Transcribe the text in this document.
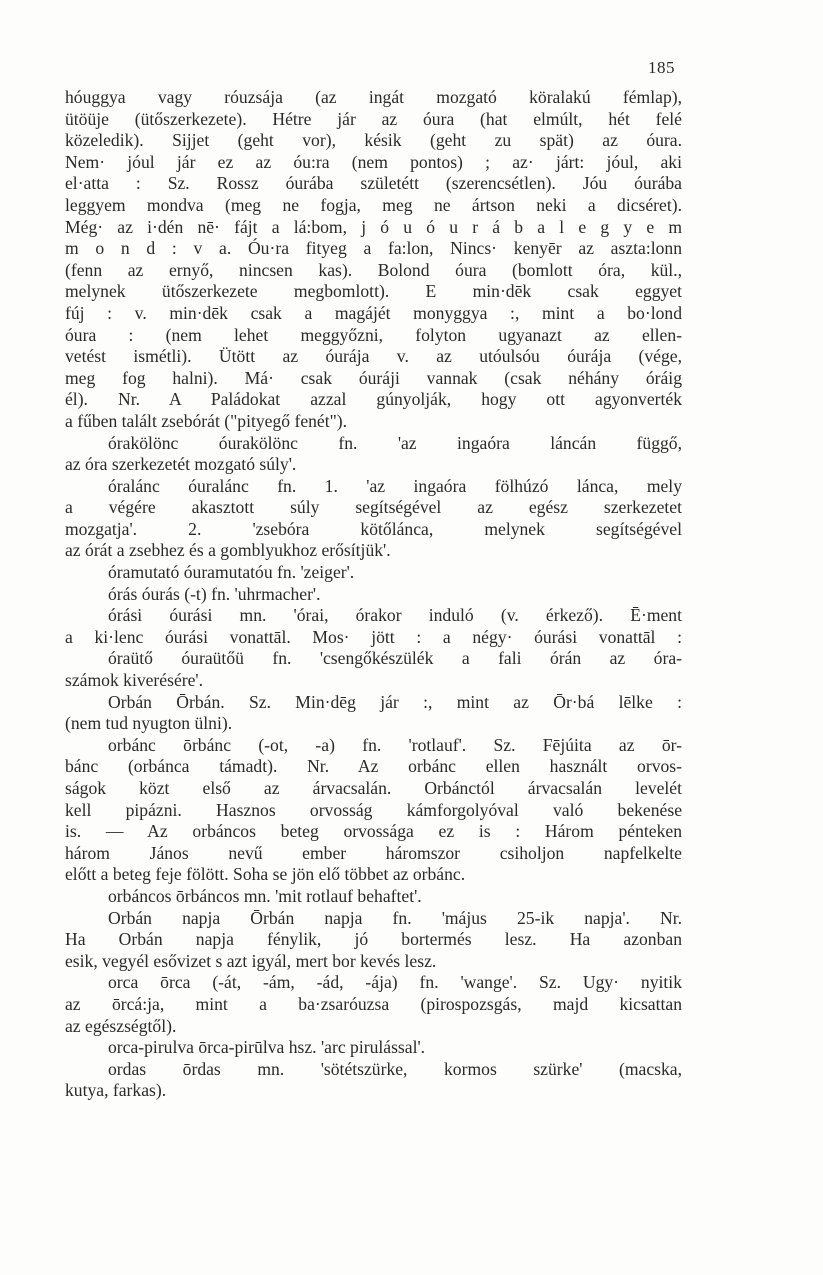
185
hóuggya vagy róuzsája (az ingát mozgató köralakú fémlap),
ütöüje (ütőszerkezete). Hétre jár az óura (hat elmúlt, hét felé
közeledik). Sijjet (geht vor), késik (geht zu spät) az óura.
Nem· jóul jár ez az óu:ra (nem pontos) ; az· járt: jóul, aki
el·atta : Sz. Rossz óurába születétt (szerencsétlen). Jóu óurába
leggyem mondva (meg ne fogja, meg ne ártson neki a dicséret).
Még· az i·dén nē· fájt a lá:bom, j ó u ó u r á b a l e g y e m
m o n d : v a. Óu·ra fityeg a fa:lon, Nincs· kenyēr az aszta:lonn
(fenn az ernyő, nincsen kas). Bolond óura (bomlott óra, kül.,
melynek ütőszerkezete megbomlott). E min·dēk csak eggyet
fúj : v. min·dēk csak a magájét monyggya :, mint a bo·lond
óura : (nem lehet meggyőzni, folyton ugyanazt az ellen-
vetést ismétli). Ütött az óurája v. az utóulsóu óurája (vége,
meg fog halni). Má· csak óuráji vannak (csak néhány óráig
él). Nr. A Paládokat azzal gúnyolják, hogy ott agyonverték
a fűben talált zsebórát ("pityegő fenét").
órakölönc óurakölönc fn. 'az ingaóra láncán függő,
az óra szerkezetét mozgató súly'.
óralánc óuralánc fn. 1. 'az ingaóra fölhúzó lánca, mely
a végére akasztott súly segítségével az egész szerkezetet
mozgatja'. 2. 'zsebóra kötőlánca, melynek segítségével
az órát a zsebhez és a gomblyukhoz erősítjük'.
óramutató óuramutatóu fn. 'zeiger'.
órás óurás (-t) fn. 'uhrmacher'.
órási óurási mn. 'órai, órakor induló (v. érkező). Ē·ment
a ki·lenc óurási vonattāl. Mos· jött : a négy· óurási vonattāl :
óraütő óuraütőü fn. 'csengőkészülék a fali órán az óra-
számok kiverésére'.
Orbán Ōrbán. Sz. Min·dēg jár :, mint az Ōr·bá lēlke :
(nem tud nyugton ülni).
orbánc ōrbánc (-ot, -a) fn. 'rotlauf'. Sz. Fējúita az ōr-
bánc (orbánca támadt). Nr. Az orbánc ellen használt orvos-
ságok közt első az árvacsalán. Orbánctól árvacsalán levelét
kell pipázni. Hasznos orvosság kámforgolyóval való bekenése
is. — Az orbáncos beteg orvossága ez is : Három pénteken
három János nevű ember háromszor csiholjon napfelkelte
előtt a beteg feje fölött. Soha se jön elő többet az orbánc.
orbáncos ōrbáncos mn. 'mit rotlauf behaftet'.
Orbán napja Ōrbán napja fn. 'május 25-ik napja'. Nr.
Ha Orbán napja fénylik, jó bortermés lesz. Ha azonban
esik, vegyél esővizet s azt igyál, mert bor kevés lesz.
orca ōrca (-át, -ám, -ád, -ája) fn. 'wange'. Sz. Ugy· nyitik
az ōrcá:ja, mint a ba·zsaróuzsa (pirospozsgás, majd kicsattan
az egészségtől).
orca-pirulva ōrca-pirūlva hsz. 'arc pirulással'.
ordas ōrdas mn. 'sötétszürke, kormos szürke' (macska,
kutya, farkas).
